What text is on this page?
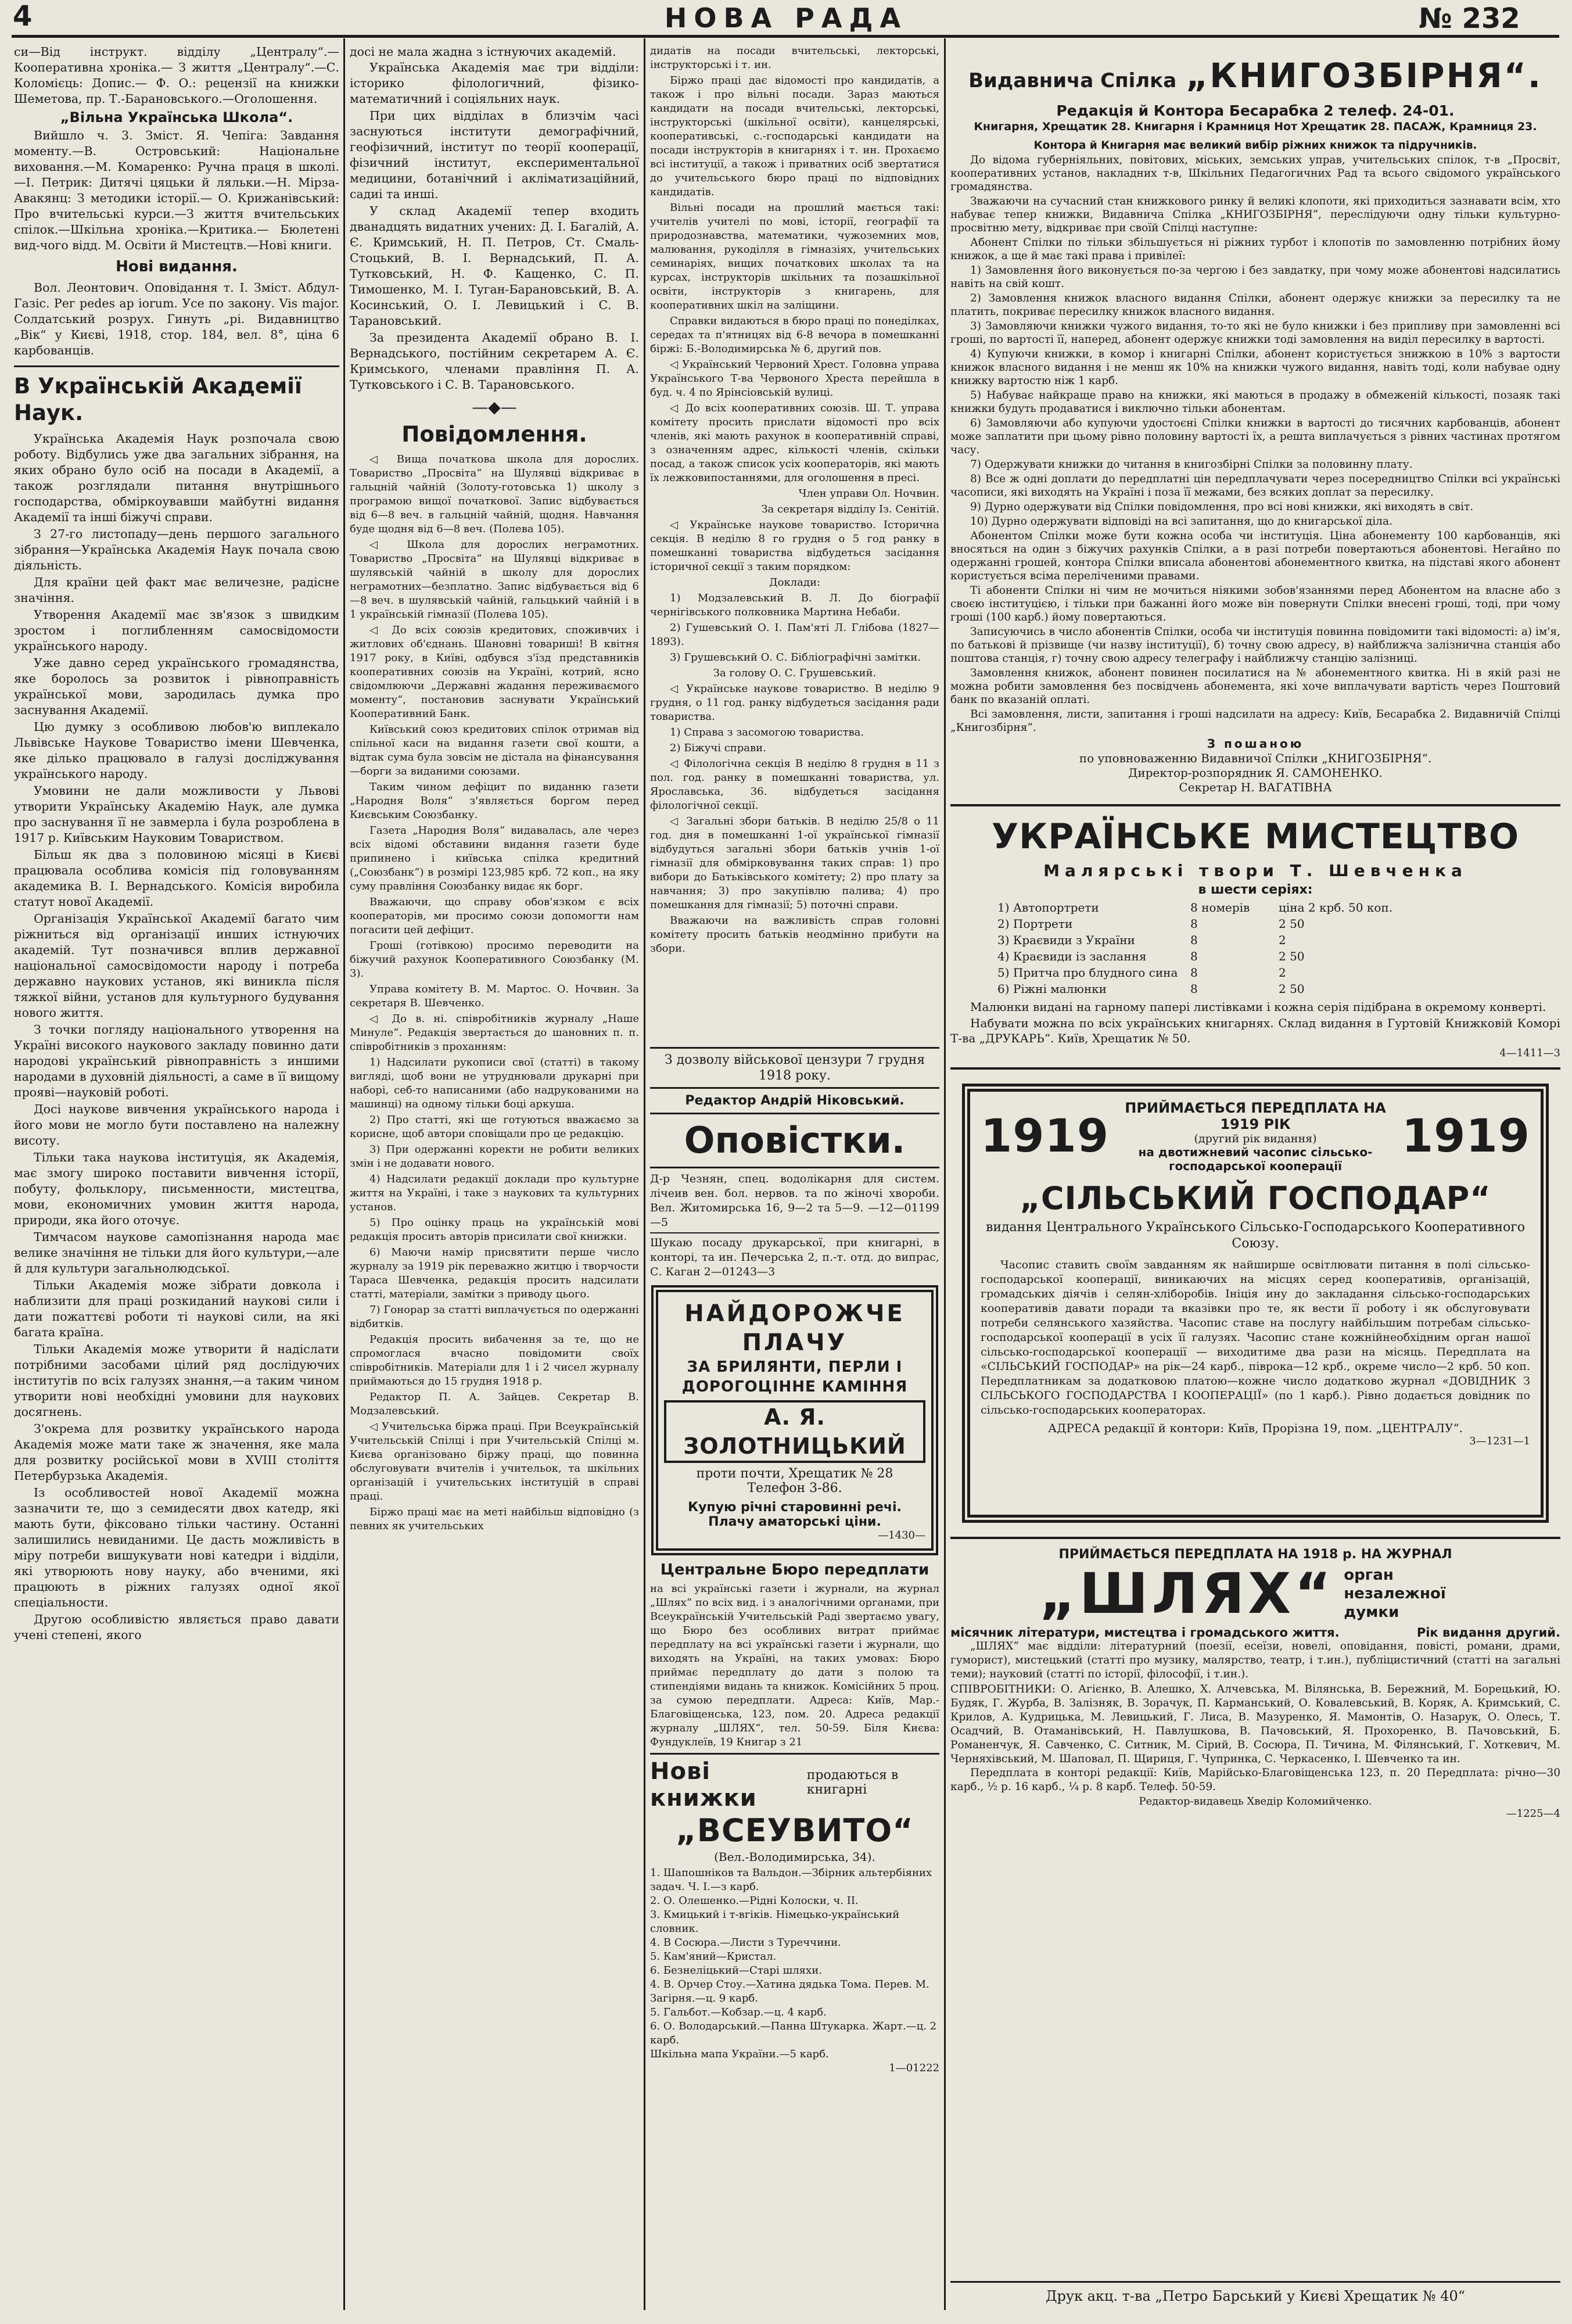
4	НОВА РАДА	№ 232

си—Від інструкт. відділу „Централу“.— Кооперативна хроніка.— З життя „Централу“.—С. Коломієць: Допис.— Ф. О.: рецензії на книжки Шеметова, пр. Т.-Барановського.—Оголошення.

„Вільна Українська Школа“.

Вийшло ч. 3. Зміст. Я. Чепіга: Завдання моменту.—В. Островський: Національне виховання.—М. Комаренко: Ручна праця в школі.—І. Петрик: Дитячі цяцьки й ляльки.—Н. Мірза-Авакянц: З методики історії.— О. Крижанівський: Про вчительські курси.—З життя вчительських спілок.—Шкільна хроніка.—Критика.— Бюлетені вид-чого відд. М. Освіти й Мистецтв.—Нові книги.

Нові видання.

Вол. Леонтович. Оповідання т. І. Зміст. Абдул-Газіс. Рег pedes ар iorum. Усе по закону. Vis major. Солдатський розрух. Гинуть „рі. Видавництво „Вік“ у Києві, 1918, стор. 184, вел. 8°, ціна 6 карбованців.

В Українській Академії Наук.

Українська Академія Наук розпочала свою роботу. Відбулись уже два загальних зібрання, на яких обрано було осіб на посади в Академії, а також розглядали питання внутрішнього господарства, обміркоувавши майбутні видання Академії та інші біжучі справи.

З 27-го листопаду—день першого загального зібрання—Українська Академія Наук почала свою діяльність.

Для країни цей факт має величезне, радісне значіння.

Утворення Академії має зв'язок з швидким зростом і поглибленням самосвідомости українського народу.

Уже давно серед українського громадянства, яке боролось за розвиток і рівноправність української мови, зародилась думка про заснування Академії.

Цю думку з особливою любов'ю виплекало Львівське Наукове Товариство імени Шевченка, яке ділько працювало в галузі досліджування українського народу.

Умовини не дали можливости у Львові утворити Українську Академію Наук, але думка про заснування її не завмерла і була розроблена в 1917 р. Київським Науковим Товариством.

Більш як два з половиною місяці в Києві працювала особлива комісія під головуванням академика В. І. Вернадського. Комісія виробила статут нової Академії.

Організація Української Академії багато чим ріжниться від організації инших істнуючих академій. Тут позначився вплив державної національної самосвідомости народу і потреба державно наукових установ, які виникла після тяжкої війни, установ для культурного будування нового життя.

З точки погляду національного утворення на Україні високого наукового закладу повинно дати народові український рівноправність з иншими народами в духовній діяльності, а саме в її вищому прояві—науковій роботі.

Досі наукове вивчення українського народа і його мови не могло бути поставлено на належну висоту.

Тільки така наукова інституція, як Академія, має змогу широко поставити вивчення історії, побуту, фольклору, письменности, мистецтва, мови, економичних умовин життя народа, природи, яка його оточує.

Тимчасом наукове самопізнання народа має велике значіння не тільки для його культури,—але й для культури загальнолюдської.

Тільки Академія може зібрати довкола і наблизити для праці розкиданий наукові сили і дати пожаттєві роботи ті наукові сили, на які багата країна.

Тільки Академія може утворити й надіслати потрібними засобами цілий ряд дослідуючих інститутів по всіх галузях знання,—а таким чином утворити нові необхідні умовини для наукових досягнень.

З'окрема для розвитку українського народа Академія може мати таке ж значення, яке мала для розвитку російської мови в XVIII століття Петербурзька Академія.

Із особливостей нової Академії можна зазначити те, що з семидесяти двох катедр, які мають бути, фіксовано тільки частину. Останні залишились невиданими. Це дасть можливість в міру потреби вишукувати нові катедри і відділи, які утворюють нову науку, або вченими, які працюють в ріжних галузях одної якої спеціальности.

Другою особливістю являється право давати учені степені, якого

досі не мала жадна з істнуючих академій.

Українська Академія має три відділи: історико філологичний, фізико-математичний і соціяльних наук.

При цих відділах в близчім часі заснуються інститути демографічний, геофізичний, інститут по теорії кооперації, фізичний інститут, експериментальної медицини, ботанічний і акліматизаційний, садиі та инші.

У склад Академії тепер входить дванадцять видатних учених: Д. І. Багалій, А. Є. Кримський, Н. П. Петров, Ст. Смаль-Стоцький, В. І. Вернадський, П. А. Тутковський, Н. Ф. Кащенко, С. П. Тимошенко, М. І. Туган-Барановський, В. А. Косинський, О. І. Левицький і С. В. Тарановський.

За президента Академії обрано В. І. Вернадського, постійним секретарем А. Є. Кримського, членами правління П. А. Тутковського і С. В. Тарановського.

—◆—
Повідомлення.

◁ Вища початкова школа для дорослих. Товариство „Просвіта“ на Шулявці відкриває в гальцній чайній (Золоту-готовська 1) школу з програмою вищої початкової. Запис відбувається від 6—8 веч. в гальцній чайній, щодня. Навчання буде щодня від 6—8 веч. (Полева 105).

◁ Школа для дорослих неграмотних. Товариство „Просвіта“ на Шулявці відкриває в шулявській чайній в школу для дорослих неграмотних—безплатно. Запис відбувається від 6—8 веч. в шулявській чайній, гальцький чайній і в 1 українській гімназії (Полева 105).

◁ До всіх союзів кредитових, споживчих і житлових об'єднань. Шановні товариші! В квітня 1917 року, в Київі, одбувся з'їзд представників кооперативних союзів на Україні, котрий, ясно свідомлюючи „Державні жадання переживаємого моменту“, постановив заснувати Український Кооперативний Банк.

Київський союз кредитових спілок отримав від спільної каси на видання газети свої кошти, а відтак сума була зовсім не дістала на фінансування—борги за виданими союзами.

Таким чином дефіцит по виданню газети „Народня Воля“ з'являється боргом перед Києвським Союзбанку.

Газета „Народня Воля“ видавалась, але через всіх відомі обставини видання газети буде припинено і київська спілка кредитний („Союзбанк“) в розмірі 123,985 крб. 72 коп., на яку суму правління Союзбанку видає як борг.

Вважаючи, що справу обов'язком є всіх кооператорів, ми просимо союзи допомогти нам погасити цей дефіцит.

Гроші (готівкою) просимо переводити на біжучий рахунок Кооперативного Союзбанку (М. 3).

Управа комітету В. М. Мартос. О. Ночвин. За секретаря В. Шевченко.

◁ До в. ні. співробітників журналу „Наше Минуле“. Редакція звертається до шановних п. п. співробітників з проханням:

1) Надсилати рукописи свої (статті) в такому вигляді, щоб вони не утруднювали друкарні при наборі, себ-то написаними (або надрукованими на машинці) на одному тільки боці аркуша.

2) Про статті, які ще готуються вважаємо за корисне, щоб автори сповіщали про це редакцію.

3) При одержанні коректи не робити великих змін і не додавати нового.

4) Надсилати редакції доклади про культурне життя на Україні, і таке з наукових та культурних установ.

5) Про оцінку праць на українській мові редакція просить авторів присилати свої книжки.

6) Маючи намір присвятити перше число журналу за 1919 рік переважно житцю і творчости Тараса Шевченка, редакція просить надсилати статті, матеріали, замітки з приводу цього.

7) Гонорар за статті виплачується по одержанні відбитків.

Редакція просить вибачення за те, що не спромоглася вчасно повідомити своїх співробітників. Матеріали для 1 і 2 чисел журналу приймаються до 15 грудня 1918 р.

Редактор П. А. Зайцев. Секретар В. Модзалевський.

◁ Учительська біржа праці. При Всеукраїнській Учительській Спілці і при Учительській Спілці м. Києва організовано біржу праці, що повинна обслуговувати вчителів і учительок, та шкільних організацій і учительських інституцій в справі праці.

Біржо праці має на меті найбільш відповідно (з певних як учительських

дидатів на посади вчительські, лекторські, інструкторські і т. ин.

Біржо праці дає відомості про кандидатів, а також і про вільні посади. Зараз маються кандидати на посади вчительські, лекторські, інструкторські (шкільної освіти), канцелярські, кооперативські, с.-господарські кандидати на посади інструкторів в книгарнях і т. ин. Прохаємо всі інституції, а також і приватних осіб звертатися до учительського бюро праці по відповідних кандидатів.

Вільні посади на прошлий мається такі: учителів учителі по мові, історії, географії та природознавства, математики, чужоземних мов, малювання, рукоділля в гімназіях, учительських семинаріях, вищих початкових школах та на курсах, інструкторів шкільних та позашкільної освіти, інструкторів з книгарень, для кооперативних шкіл на заліщини.

Справки видаються в бюро праці по понеділках, середах та п'ятницях від 6-8 вечора в помешканні біржі: Б.-Володимирська № 6, другий пов.

◁ Український Червоний Хрест. Головна управа Українського Т-ва Червоного Хреста перейшла в буд. ч. 4 по Ярінсіовській вулиці.

◁ До всіх кооперативних союзів. Ш. Т. управа комітету просить прислати відомості про всіх членів, які мають рахунок в кооперативній справі, з означенням адрес, кількості членів, скільки посад, а також список усіх кооператорів, які мають їх лежковипостаннями, для оголошення в пресі.

Член управи Ол. Ночвин.

За секретаря відділу Із. Сенітій.

◁ Українське наукове товариство. Історична секція. В неділю 8 го грудня о 5 год ранку в помешканні товариства відбудеться засідання історичної секції з таким порядком:

Доклади:

1) Модзалевський В. Л. До біографії чернігівського полковника Мартина Небаби.

2) Гушевський О. І. Пам'яті Л. Глібова (1827—1893).

3) Грушевський О. С. Бібліографічні замітки.

За голову О. С. Грушевський.

◁ Українське наукове товариство. В неділю 9 грудня, о 11 год. ранку відбудеться засідання ради товариства.

1) Справа з засомогою товариства.

2) Біжучі справи.

◁ Філологічна секція В неділю 8 грудня в 11 з пол. год. ранку в помешканні товариства, ул. Ярославська, 36. відбудеться засідання філологічної секції.

◁ Загальні збори батьків. В неділю 25/8 о 11 год. дня в помешканні 1-ої української гімназії відбудуться загальні збори батьків учнів 1-ої гімназії для обмірковування таких справ: 1) про вибори до Батьківського комітету; 2) про плату за навчання; 3) про закупівлю палива; 4) про помешкання для гімназії; 5) поточні справи.

Вважаючи на важливість справ головні комітету просить батьків неодмінно прибути на збори.

З дозволу військової цензури 7 грудня 1918 року.

Редактор Андрій Ніковський.
Оповістки.

Д-р Чезнян, спец. водолікарня для систем. лічеив вен. бол. нервов. та по жіночі хвороби. Вел. Житомирська 16, 9—2 та 5—9. —12—01199—5

Шукаю посаду друкарської, при книгарні, в конторі, та ин. Печерська 2, п.-т. отд. до випрас, С. Каган 2—01243—3

НАЙДОРОЖЧЕ
ПЛАЧУ
ЗА БРИЛЯНТИ, ПЕРЛИ І ДОРОГОЦІННЕ КАМІННЯ
А. Я. ЗОЛОТНИЦЬКИЙ
проти почти, Хрещатик № 28
Телефон 3-86.
Купую річні старовинні речі.
Плачу аматорські ціни.
—1430—
Центральне Бюро передплати

на всі українські газети і журнали, на журнал „Шлях“ по всіх вид. і з аналогічними органами, при Всеукраїнській Учительській Раді звертаємо увагу, що Бюро без особливих витрат приймає передплату на всі українські газети і журнали, що виходять на Україні, на таких умовах: Бюро приймає передплату до дати з полою та стипендіями видань та книжок. Комісійних 5 проц. за сумою передплати. Адреса: Київ, Мар.-Благовіщенська, 123, пом. 20. Адреса редакції журналу „ШЛЯХ“, тел. 50-59. Біля Києва: Фундуклеїв, 19 Книгар з 21

Нові книжки
продаються в книгарні
„ВСЕУВИТО“
(Вел.-Володимирська, 34).
1. Шапошніков та Вальдон.—Збірник альтербіяних задач. Ч. I.—з карб.
2. О. Олешенко.—Рідні Колоски, ч. ІІ.
3. Кмицький і т-вгіків. Німецько-український словник.
4. В Сосюра.—Листи з Туреччини.
5. Кам'яний—Кристал.
6. Безнеліцький—Старі шляхи.
4. В. Орчер Стоу.—Хатина дядька Тома. Перев. М. Загірня.—ц. 9 карб.
5. Гальбот.—Кобзар.—ц. 4 карб.
6. О. Володарський.—Панна Штукарка. Жарт.—ц. 2 карб.
Шкільна мапа України.—5 карб.
1—01222
Видавнича Спілка „КНИГОЗБІРНЯ“.
Редакція й Контора Бесарабка 2 телеф. 24-01.
Книгарня, Хрещатик 28. Книгарня і Крамниця Нот Хрещатик 28. ПАСАЖ, Крамниця 23.

Контора й Книгарня має великий вибір ріжних книжок та підручників.

До відома губерніяльних, повітових, міських, земських управ, учительських спілок, т-в „Просвіт, кооперативних установ, накладних т-в, Шкільних Педагогичних Рад та всього свідомого українського громадянства.

Зважаючи на сучасний стан книжкового ринку й великі клопоти, які приходиться зазнавати всім, хто набуває тепер книжки, Видавнича Спілка „КНИГОЗБІРНЯ“, переслідуючи одну тільки культурно-просвітню мету, відкриває при своїй Спілці наступне:

Абонент Спілки по тільки збільшується ні ріжних турбот і клопотів по замовленню потрібних йому книжок, а ще й має такі права і привілеї:

1) Замовлення його виконується по-за чергою і без завдатку, при чому може абонентові надсилатись навіть на свій кошт.

2) Замовлення книжок власного видання Спілки, абонент одержує книжки за пересилку та не платить, покриває пересилку книжок власного видання.

3) Замовляючи книжки чужого видання, то-то які не було книжки і без припливу при замовленні всі гроші, по вартості її, наперед, абонент одержує книжки тоді замовлення на виділ пересилку в вартості.

4) Купуючи книжки, в комор і книгарні Спілки, абонент користується знижкою в 10% з вартости книжок власного видання і не менш як 10% на книжки чужого видання, навіть тоді, коли набувае одну книжку вартостю ніж 1 карб.

5) Набуває найкраще право на книжки, які маються в продажу в обмеженій кількості, позаяк такі книжки будуть продаватися і виключно тільки абонентам.

6) Замовляючи або купуючи удостоєні Спілки книжки в вартості до тисячних карбованців, абонент може заплатити при цьому рівно половину вартості їх, а решта виплачується з рівних частинах протягом часу.

7) Одержувати книжки до читання в книгозбірні Спілки за половинну плату.

8) Все ж одні доплати до передплатні цін передплачувати через посередництво Спілки всі українські часописи, які виходять на Україні і поза її межами, без всяких доплат за пересилку.

9) Дурно одержувати від Спілки повідомлення, про всі нові книжки, які виходять в світ.

10) Дурно одержувати відповіді на всі запитання, що до книгарської діла.

Абонентом Спілки може бути кожна особа чи інституція. Ціна абонементу 100 карбованців, які вносяться на один з біжучих рахунків Спілки, а в разі потреби повертаються абонентові. Негайно по одержанні грошей, контора Спілки вписала абонентові абонементного квитка, на підставі якого абонент користується всіма переліченими правами.

Ті абоненти Спілки ні чим не мочиться ніякими зобов'язаннями перед Абонентом на власне або з своєю інституцією, і тільки при бажанні його може він повернути Спілки внесені гроші, тоді, при чому гроші (100 карб.) йому повертаються.

Записуючись в число абонентів Спілки, особа чи інституція повинна повідомити такі відомості: а) ім'я, по батькові й прізвище (чи назву інституції), б) точну свою адресу, в) найближча залізнична станція або поштова станція, г) точну свою адресу телеграфу і найближчу станцію залізниці.

Замовлення книжок, абонент повинен посилатися на № абонементного квитка. Ні в якій разі не можна робити замовлення без посвідчень абонемента, які хоче виплачувати вартість через Поштовий банк по вказаній оплаті.

Всі замовлення, листи, запитання і гроші надсилати на адресу: Київ, Бесарабка 2. Видавничій Спілці „Книгозбірня“.

З пошаною
по уповноваженню Видавничої Спілки „КНИГОЗБІРНЯ“.
Директор-розпорядник Я. САМОНЕНКО.
Секретар Н. ВАГАТІВНА
УКРАЇНСЬКЕ МИСТЕЦТВО
Малярські твори Т. Шевченка
в шести серіях:
1) Автопортрети	8 номерів	ціна 2 крб. 50 коп.
2) Портрети	8	2 50
3) Краєвиди з України	8	2
4) Краєвиди із заслання	8	2 50
5) Притча про блудного сина	8	2
6) Ріжні малюнки	8	2 50

Малюнки видані на гарному папері листівками і кожна серія підібрана в окремому конверті.

Набувати можна по всіх українських книгарнях. Склад видання в Гуртовій Книжковій Коморі Т-ва „ДРУКАРЬ“. Київ, Хрещатик № 50.

4—1411—3
1919
ПРИЙМАЄТЬСЯ ПЕРЕДПЛАТА НА 1919 РІК
(другий рік видання)
на двотижневий часопис сільсько-господарської кооперації
1919
„СІЛЬСЬКИЙ ГОСПОДАР“
видання Центрального Українського Сільсько-Господарського Кооперативного Союзу.

Часопис ставить своїм завданням як найширше освітлювати питання в полі сільсько-господарської кооперації, виникаючих на місцях серед кооперативів, організацій, громадських діячів і селян-хліборобів. Ініція ину до закладання сільсько-господарських кооперативів давати поради та вказівки про те, як вести її роботу і як обслуговувати потреби селянського хазяйства. Часопис ставе на послугу найбільшим потребам сільсько-господарської кооперації в усіх її галузях. Часопис стане кожнійнеобхідним орган нашої сільсько-господарської кооперації — виходитиме два рази на місяць. Передплата на «СІЛЬСЬКИЙ ГОСПОДАР» на рік—24 карб., піврока—12 крб., окреме число—2 крб. 50 коп. Передплатникам за додатковою платою—кожне число додатково журнал «ДОВІДНИК З СІЛЬСЬКОГО ГОСПОДАРСТВА І КООПЕРАЦІЇ» (по 1 карб.). Рівно додається довідник по сільсько-господарських кооператорах.

АДРЕСА редакції й контори: Київ, Прорізна 19, пом. „ЦЕНТРАЛУ“.
3—1231—1
ПРИЙМАЄТЬСЯ ПЕРЕДПЛАТА НА 1918 р. НА ЖУРНАЛ
„ШЛЯХ“ орган незалежної думки
місячник літератури, мистецтва і громадського життя.	Рік видання другий.

„ШЛЯХ“ має відділи: літературний (поезії, есеїзи, новелі, оповідання, повісті, романи, драми, гуморист), мистецький (статті про музику, малярство, театр, і т.ин.), публіцистичний (статті на загальні теми); науковий (статті по історії, філософії, і т.ин.).

СПІВРОБІТНИКИ: О. Агієнко, В. Алешко, Х. Алчевська, М. Вілянська, В. Бережний, М. Борецький, Ю. Будяк, Г. Журба, В. Залізняк, В. Зорачук, П. Карманський, О. Ковалевський, В. Коряк, А. Кримський, С. Крилов, А. Кудрицька, М. Левицький, Г. Лиса, В. Мазуренко, Я. Мамонтів, О. Назарук, О. Олесь, Т. Осадчий, В. Отаманівський, Н. Павлушкова, В. Пачовський, Я. Прохоренко, В. Пачовський, Б. Романенчук, Я. Савченко, С. Ситник, М. Сірий, В. Сосюра, П. Тичина, М. Філянський, Г. Хоткевич, М. Черняхівський, М. Шаповал, П. Щириця, Г. Чупринка, С. Черкасенко, І. Шевченко та ин.

Передплата в конторі редакції: Київ, Марійсько-Благовіщенська 123, п. 20 Передплата: річно—30 карб., ½ р. 16 карб., ¼ р. 8 карб. Телеф. 50-59.

Редактор-видавець Хведір Коломийченко.
—1225—4
Друк акц. т-ва „Петро Барський у Києві Хрещатик № 40“
